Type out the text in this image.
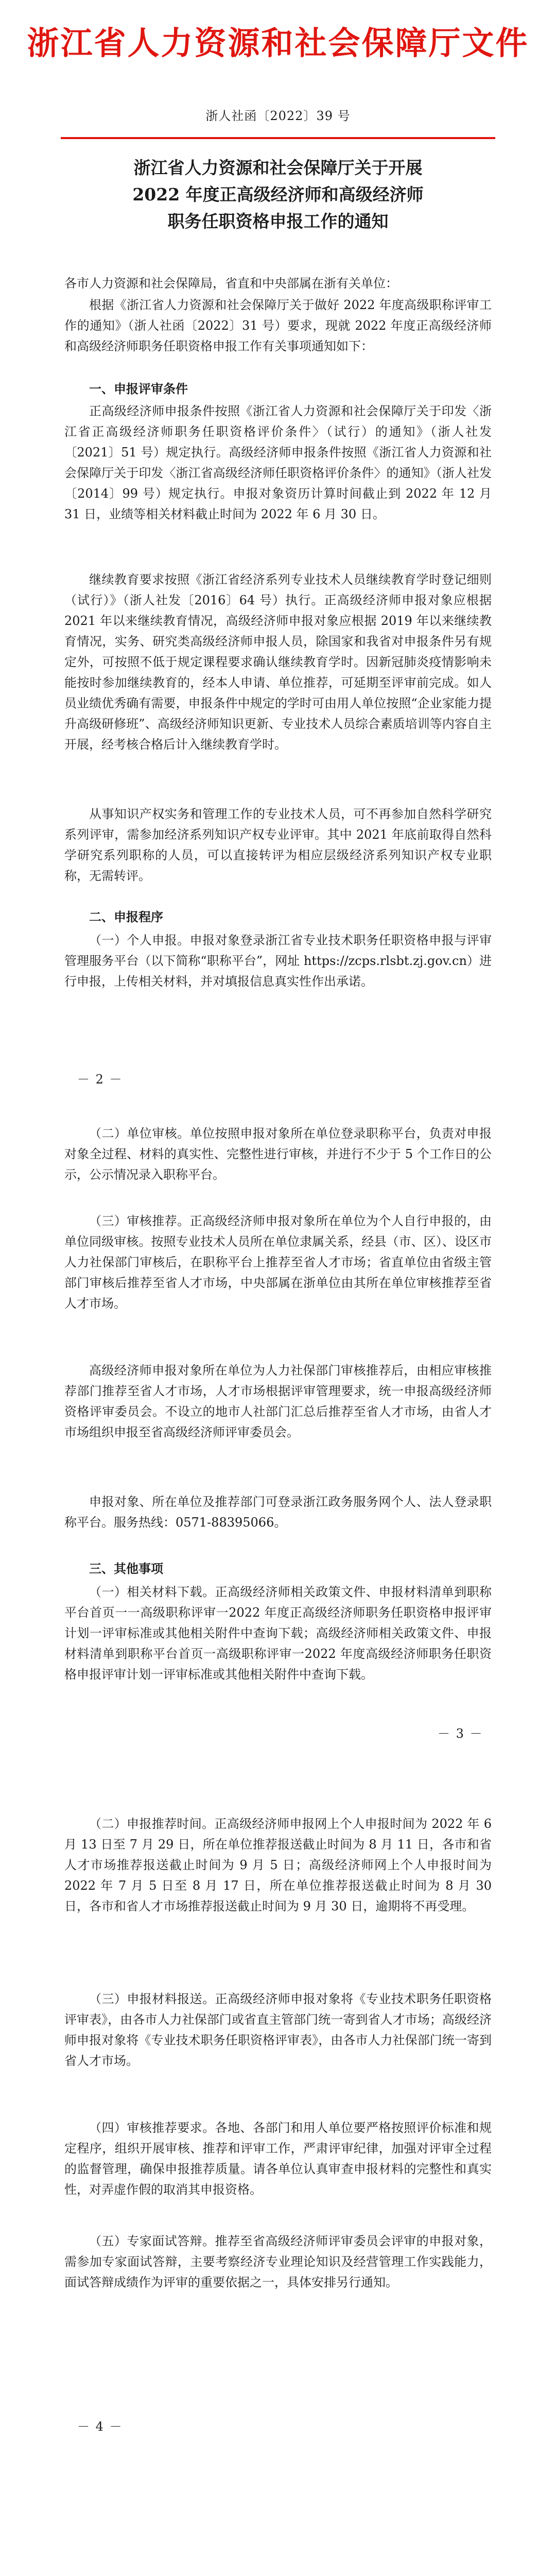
浙江省人力资源和社会保障厅文件
浙人社函〔2022〕39 号
浙江省人力资源和社会保障厅关于开展
2022 年度正高级经济师和高级经济师
职务任职资格申报工作的通知
各市人力资源和社会保障局，省直和中央部属在浙有关单位：
根据《浙江省人力资源和社会保障厅关于做好 2022 年度高级职称评审工作的通知》（浙人社函〔2022〕31 号）要求，现就 2022 年度正高级经济师和高级经济师职务任职资格申报工作有关事项通知如下：
一、申报评审条件
正高级经济师申报条件按照《浙江省人力资源和社会保障厅关于印发〈浙江省正高级经济师职务任职资格评价条件〉（试行）的通知》（浙人社发〔2021〕51 号）规定执行。高级经济师申报条件按照《浙江省人力资源和社会保障厅关于印发〈浙江省高级经济师任职资格评价条件〉的通知》（浙人社发〔2014〕99 号）规定执行。申报对象资历计算时间截止到 2022 年 12 月 31 日，业绩等相关材料截止时间为 2022 年 6 月 30 日。
继续教育要求按照《浙江省经济系列专业技术人员继续教育学时登记细则（试行）》（浙人社发〔2016〕64 号）执行。正高级经济师申报对象应根据 2021 年以来继续教育情况，高级经济师申报对象应根据 2019 年以来继续教育情况，实务、研究类高级经济师申报人员，除国家和我省对申报条件另有规定外，可按照不低于规定课程要求确认继续教育学时。因新冠肺炎疫情影响未能按时参加继续教育的，经本人申请、单位推荐，可延期至评审前完成。如人员业绩优秀确有需要，申报条件中规定的学时可由用人单位按照“企业家能力提升高级研修班”、高级经济师知识更新、专业技术人员综合素质培训等内容自主开展，经考核合格后计入继续教育学时。
从事知识产权实务和管理工作的专业技术人员，可不再参加自然科学研究系列评审，需参加经济系列知识产权专业评审。其中 2021 年底前取得自然科学研究系列职称的人员，可以直接转评为相应层级经济系列知识产权专业职称，无需转评。
二、申报程序
（一）个人申报。申报对象登录浙江省专业技术职务任职资格申报与评审管理服务平台（以下简称“职称平台”，网址 https://zcps.rlsbt.zj.gov.cn）进行申报，上传相关材料，并对填报信息真实性作出承诺。
－ 2 －
（二）单位审核。单位按照申报对象所在单位登录职称平台，负责对申报对象全过程、材料的真实性、完整性进行审核，并进行不少于 5 个工作日的公示，公示情况录入职称平台。
（三）审核推荐。正高级经济师申报对象所在单位为个人自行申报的，由单位同级审核。按照专业技术人员所在单位隶属关系，经县（市、区）、设区市人力社保部门审核后，在职称平台上推荐至省人才市场；省直单位由省级主管部门审核后推荐至省人才市场，中央部属在浙单位由其所在单位审核推荐至省人才市场。
高级经济师申报对象所在单位为人力社保部门审核推荐后，由相应审核推荐部门推荐至省人才市场，人才市场根据评审管理要求，统一申报高级经济师资格评审委员会。不设立的地市人社部门汇总后推荐至省人才市场，由省人才市场组织申报至省高级经济师评审委员会。
申报对象、所在单位及推荐部门可登录浙江政务服务网个人、法人登录职称平台。服务热线：0571-88395066。
三、其他事项
（一）相关材料下载。正高级经济师相关政策文件、申报材料清单到职称平台首页一一高级职称评审一2022 年度正高级经济师职务任职资格申报评审计划一评审标准或其他相关附件中查询下载；高级经济师相关政策文件、申报材料清单到职称平台首页一高级职称评审一2022 年度高级经济师职务任职资格申报评审计划一评审标准或其他相关附件中查询下载。
－ 3 －
（二）申报推荐时间。正高级经济师申报网上个人申报时间为 2022 年 6 月 13 日至 7 月 29 日，所在单位推荐报送截止时间为 8 月 11 日，各市和省人才市场推荐报送截止时间为 9 月 5 日；高级经济师网上个人申报时间为 2022 年 7 月 5 日至 8 月 17 日，所在单位推荐报送截止时间为 8 月 30 日，各市和省人才市场推荐报送截止时间为 9 月 30 日，逾期将不再受理。
（三）申报材料报送。正高级经济师申报对象将《专业技术职务任职资格评审表》，由各市人力社保部门或省直主管部门统一寄到省人才市场；高级经济师申报对象将《专业技术职务任职资格评审表》，由各市人力社保部门统一寄到省人才市场。
（四）审核推荐要求。各地、各部门和用人单位要严格按照评价标准和规定程序，组织开展审核、推荐和评审工作，严肃评审纪律，加强对评审全过程的监督管理，确保申报推荐质量。请各单位认真审查申报材料的完整性和真实性，对弄虚作假的取消其申报资格。
（五）专家面试答辩。推荐至省高级经济师评审委员会评审的申报对象，需参加专家面试答辩，主要考察经济专业理论知识及经营管理工作实践能力，面试答辩成绩作为评审的重要依据之一，具体安排另行通知。
－ 4 －
